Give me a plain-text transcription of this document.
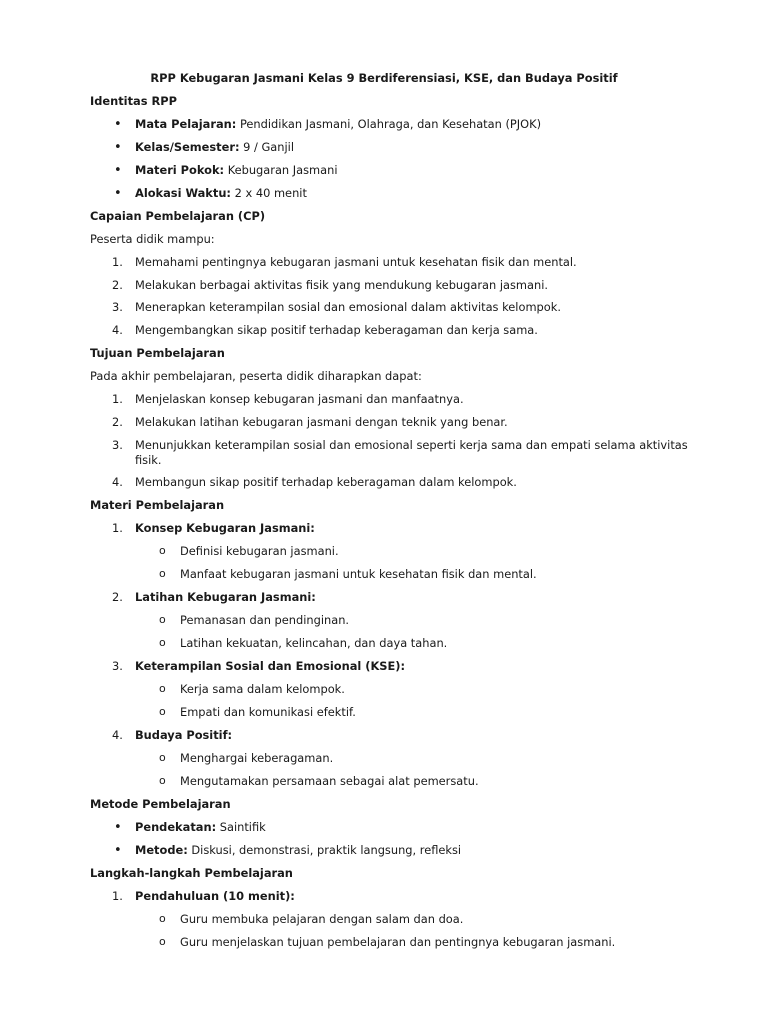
RPP Kebugaran Jasmani Kelas 9 Berdiferensiasi, KSE, dan Budaya Positif
Identitas RPP
• Mata Pelajaran: Pendidikan Jasmani, Olahraga, dan Kesehatan (PJOK)
• Kelas/Semester: 9 / Ganjil
• Materi Pokok: Kebugaran Jasmani
• Alokasi Waktu: 2 x 40 menit
Capaian Pembelajaran (CP)
Peserta didik mampu:
1. Memahami pentingnya kebugaran jasmani untuk kesehatan fisik dan mental.
2. Melakukan berbagai aktivitas fisik yang mendukung kebugaran jasmani.
3. Menerapkan keterampilan sosial dan emosional dalam aktivitas kelompok.
4. Mengembangkan sikap positif terhadap keberagaman dan kerja sama.
Tujuan Pembelajaran
Pada akhir pembelajaran, peserta didik diharapkan dapat:
1. Menjelaskan konsep kebugaran jasmani dan manfaatnya.
2. Melakukan latihan kebugaran jasmani dengan teknik yang benar.
3. Menunjukkan keterampilan sosial dan emosional seperti kerja sama dan empati selama aktivitas
fisik.
4. Membangun sikap positif terhadap keberagaman dalam kelompok.
Materi Pembelajaran
1. Konsep Kebugaran Jasmani:
o Definisi kebugaran jasmani.
o Manfaat kebugaran jasmani untuk kesehatan fisik dan mental.
2. Latihan Kebugaran Jasmani:
o Pemanasan dan pendinginan.
o Latihan kekuatan, kelincahan, dan daya tahan.
3. Keterampilan Sosial dan Emosional (KSE):
o Kerja sama dalam kelompok.
o Empati dan komunikasi efektif.
4. Budaya Positif:
o Menghargai keberagaman.
o Mengutamakan persamaan sebagai alat pemersatu.
Metode Pembelajaran
• Pendekatan: Saintifik
• Metode: Diskusi, demonstrasi, praktik langsung, refleksi
Langkah-langkah Pembelajaran
1. Pendahuluan (10 menit):
o Guru membuka pelajaran dengan salam dan doa.
o Guru menjelaskan tujuan pembelajaran dan pentingnya kebugaran jasmani.
